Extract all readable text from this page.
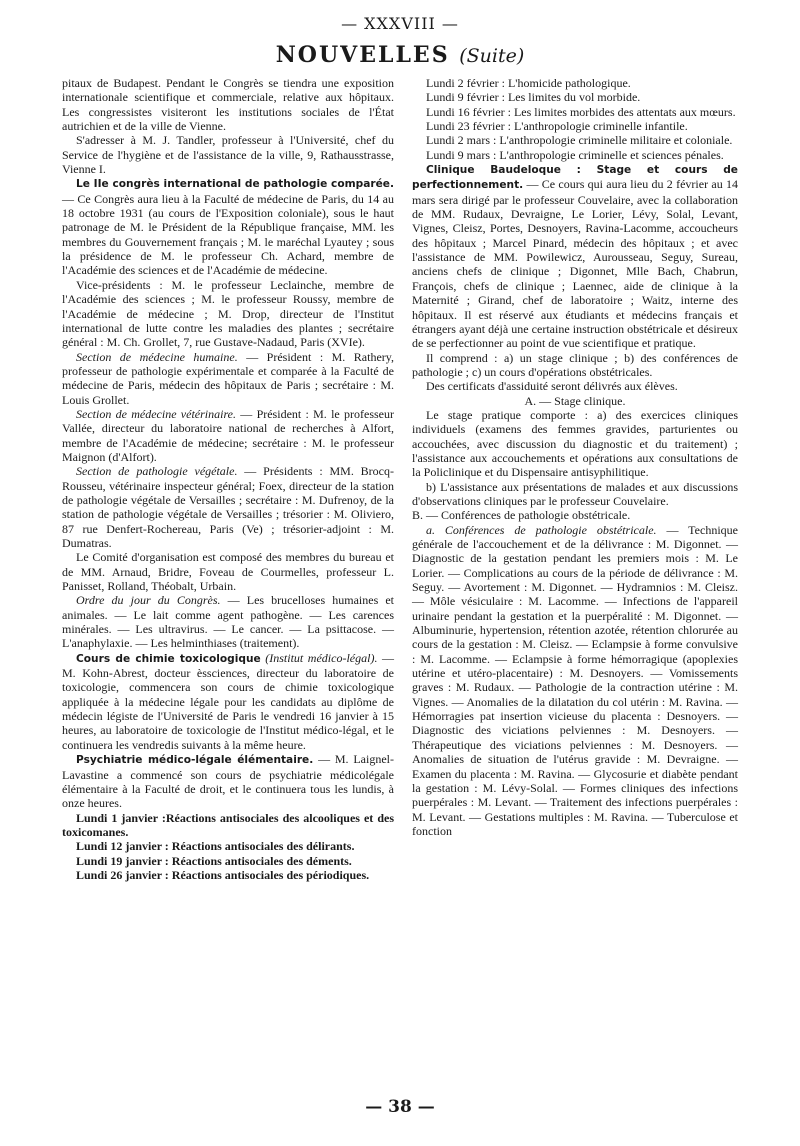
— XXXVIII —
NOUVELLES (Suite)

pitaux de Budapest. Pendant le Congrès se tiendra une exposition internationale scientifique et commerciale, relative aux hôpitaux. Les congressistes visiteront les institutions sociales de l'État autrichien et de la ville de Vienne.

S'adresser à M. J. Tandler, professeur à l'Université, chef du Service de l'hygiène et de l'assistance de la ville, 9, Rathausstrasse, Vienne I.

Le IIe congrès international de pathologie comparée. — Ce Congrès aura lieu à la Faculté de médecine de Paris, du 14 au 18 octobre 1931 (au cours de l'Exposition coloniale), sous le haut patronage de M. le Président de la République française, MM. les membres du Gouvernement français ; M. le maréchal Lyautey ; sous la présidence de M. le professeur Ch. Achard, membre de l'Académie des sciences et de l'Académie de médecine.

Vice-présidents : M. le professeur Leclainche, membre de l'Académie des sciences ; M. le professeur Roussy, membre de l'Académie de médecine ; M. Drop, directeur de l'Institut international de lutte contre les maladies des plantes ; secrétaire général : M. Ch. Grollet, 7, rue Gustave-Nadaud, Paris (XVIe).

Section de médecine humaine. — Président : M. Rathery, professeur de pathologie expérimentale et comparée à la Faculté de médecine de Paris, médecin des hôpitaux de Paris ; secrétaire : M. Louis Grollet.

Section de médecine vétérinaire. — Président : M. le professeur Vallée, directeur du laboratoire national de recherches à Alfort, membre de l'Académie de médecine; secrétaire : M. le professeur Maignon (d'Alfort).

Section de pathologie végétale. — Présidents : MM. Brocq-Rousseu, vétérinaire inspecteur général; Foex, directeur de la station de pathologie végétale de Versailles ; secrétaire : M. Dufrenoy, de la station de pathologie végétale de Versailles ; trésorier : M. Oliviero, 87 rue Denfert-Rochereau, Paris (Ve) ; trésorier-adjoint : M. Dumatras.

Le Comité d'organisation est composé des membres du bureau et de MM. Arnaud, Bridre, Foveau de Courmelles, professeur L. Panisset, Rolland, Théobalt, Urbain.

Ordre du jour du Congrès. — Les brucelloses humaines et animales. — Le lait comme agent pathogène. — Les carences minérales. — Les ultravirus. — Le cancer. — La psittacose. — L'anaphylaxie. — Les helminthiases (traitement).

Cours de chimie toxicologique (Institut médico-légal). — M. Kohn-Abrest, docteur èssciences, directeur du laboratoire de toxicologie, commencera son cours de chimie toxicologique appliquée à la médecine légale pour les candidats au diplôme de médecin légiste de l'Université de Paris le vendredi 16 janvier à 15 heures, au laboratoire de toxicologie de l'Institut médico-légal, et le continuera les vendredis suivants à la même heure.

Psychiatrie médico-légale élémentaire. — M. Laignel-Lavastine a commencé son cours de psychiatrie médicolégale élémentaire à la Faculté de droit, et le continuera tous les lundis, à onze heures.

Lundi 1 janvier :Réactions antisociales des alcooliques et des toxicomanes.

Lundi 12 janvier : Réactions antisociales des délirants.

Lundi 19 janvier : Réactions antisociales des déments.

Lundi 26 janvier : Réactions antisociales des périodiques.

Lundi 2 février : L'homicide pathologique.

Lundi 9 février : Les limites du vol morbide.

Lundi 16 février : Les limites morbides des attentats aux mœurs.

Lundi 23 février : L'anthropologie criminelle infantile.

Lundi 2 mars : L'anthropologie criminelle militaire et coloniale.

Lundi 9 mars : L'anthropologie criminelle et sciences pénales.

Clinique Baudeloque : Stage et cours de perfectionnement. — Ce cours qui aura lieu du 2 février au 14 mars sera dirigé par le professeur Couvelaire, avec la collaboration de MM. Rudaux, Devraigne, Le Lorier, Lévy, Solal, Levant, Vignes, Cleisz, Portes, Desnoyers, Ravina-Lacomme, accoucheurs des hôpitaux ; Marcel Pinard, médecin des hôpitaux ; et avec l'assistance de MM. Powilewicz, Aurousseau, Seguy, Sureau, anciens chefs de clinique ; Digonnet, Mlle Bach, Chabrun, François, chefs de clinique ; Laennec, aide de clinique à la Maternité ; Girand, chef de laboratoire ; Waitz, interne des hôpitaux. Il est réservé aux étudiants et médecins français et étrangers ayant déjà une certaine instruction obstétricale et désireux de se perfectionner au point de vue scientifique et pratique.

Il comprend : a) un stage clinique ; b) des conférences de pathologie ; c) un cours d'opérations obstétricales.

Des certificats d'assiduité seront délivrés aux élèves.

A. — Stage clinique.

Le stage pratique comporte : a) des exercices cliniques individuels (examens des femmes gravides, parturientes ou accouchées, avec discussion du diagnostic et du traitement) ; l'assistance aux accouchements et opérations aux consultations de la Policlinique et du Dispensaire antisyphilitique.

b) L'assistance aux présentations de malades et aux discussions d'observations cliniques par le professeur Couvelaire.

B. — Conférences de pathologie obstétricale.

a. Conférences de pathologie obstétricale. — Technique générale de l'accouchement et de la délivrance : M. Digonnet. — Diagnostic de la gestation pendant les premiers mois : M. Le Lorier. — Complications au cours de la période de délivrance : M. Seguy. — Avortement : M. Digonnet. — Hydramnios : M. Cleisz. — Môle vésiculaire : M. Lacomme. — Infections de l'appareil urinaire pendant la gestation et la puerpéralité : M. Digonnet. — Albuminurie, hypertension, rétention azotée, rétention chlorurée au cours de la gestation : M. Cleisz. — Eclampsie à forme convulsive : M. Lacomme. — Eclampsie à forme hémorragique (apoplexies utérine et utéro-placentaire) : M. Desnoyers. — Vomissements graves : M. Rudaux. — Pathologie de la contraction utérine : M. Vignes. — Anomalies de la dilatation du col utérin : M. Ravina. — Hémorragies pat insertion vicieuse du placenta : Desnoyers. — Diagnostic des viciations pelviennes : M. Desnoyers. — Thérapeutique des viciations pelviennes : M. Desnoyers. — Anomalies de situation de l'utérus gravide : M. Devraigne. — Examen du placenta : M. Ravina. — Glycosurie et diabète pendant la gestation : M. Lévy-Solal. — Formes cliniques des infections puerpérales : M. Levant. — Traitement des infections puerpérales : M. Levant. — Gestations multiples : M. Ravina. — Tuberculose et fonction

— 38 —
